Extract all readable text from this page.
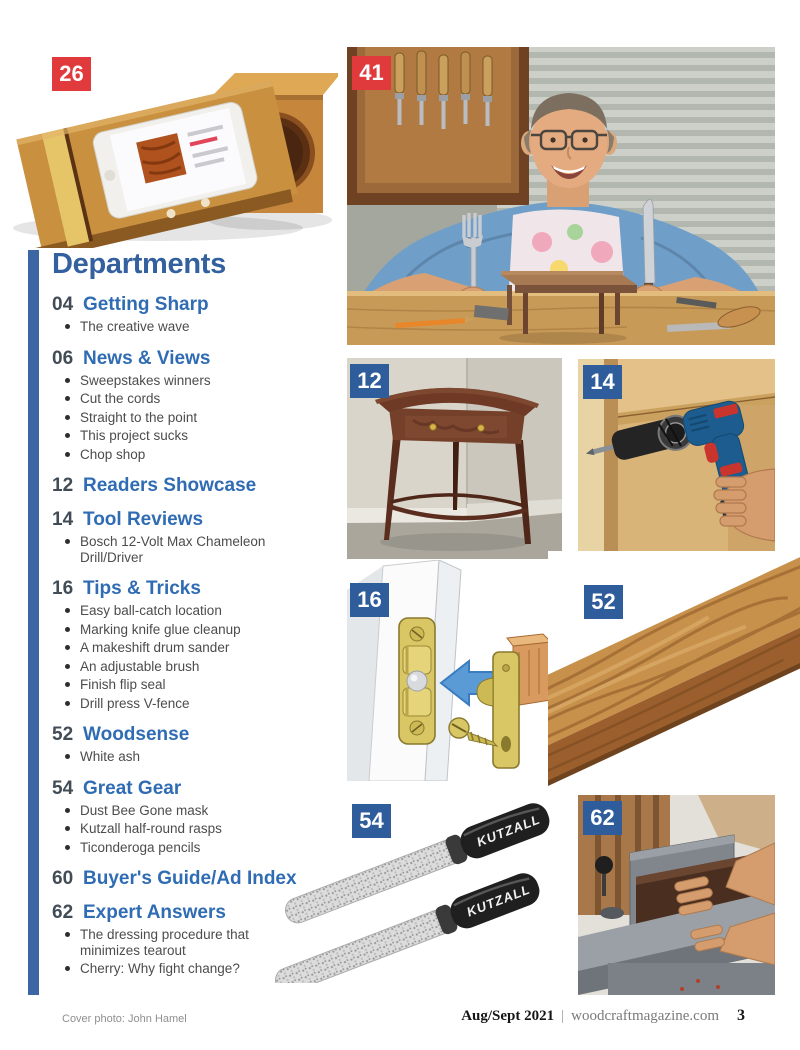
KUTZALL
KUTZALL
26	41
12	14
16	52
54	62
Departments
04 Getting Sharp
The creative wave
06 News & Views
Sweepstakes winners
Cut the cords
Straight to the point
This project sucks
Chop shop
12 Readers Showcase
14 Tool Reviews
Bosch 12-Volt Max Chameleon Drill/Driver
16 Tips & Tricks
Easy ball-catch location
Marking knife glue cleanup
A makeshift drum sander
An adjustable brush
Finish flip seal
Drill press V-fence
52 Woodsense
White ash
54 Great Gear
Dust Bee Gone mask
Kutzall half-round rasps
Ticonderoga pencils
60 Buyer's Guide/Ad Index
62 Expert Answers
The dressing procedure that minimizes tearout
Cherry: Why fight change?
Cover photo: John Hamel	Aug/Sept 2021 | woodcraftmagazine.com 3
